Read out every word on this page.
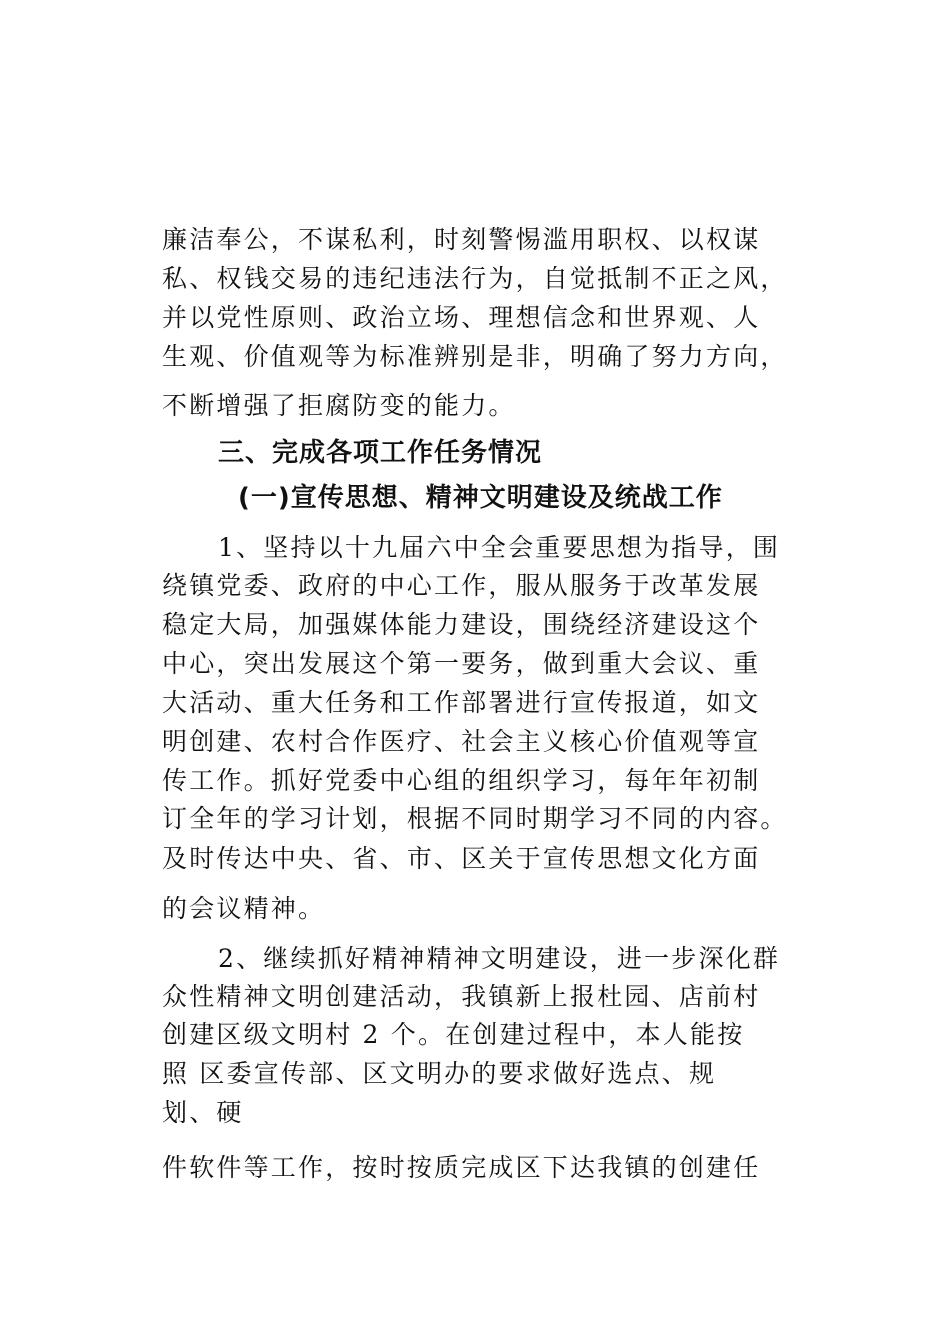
廉洁奉公，不谋私利，时刻警惕滥用职权、以权谋
私、权钱交易的违纪违法行为，自觉抵制不正之风，
并以党性原则、政治立场、理想信念和世界观、人
生观、价值观等为标准辨别是非，明确了努力方向，
不断增强了拒腐防变的能力。
三、完成各项工作任务情况
(一)宣传思想、精神文明建设及统战工作
1、坚持以十九届六中全会重要思想为指导，围
绕镇党委、政府的中心工作，服从服务于改革发展
稳定大局，加强媒体能力建设，围绕经济建设这个
中心，突出发展这个第一要务，做到重大会议、重
大活动、重大任务和工作部署进行宣传报道，如文
明创建、农村合作医疗、社会主义核心价值观等宣
传工作。抓好党委中心组的组织学习，每年年初制
订全年的学习计划，根据不同时期学习不同的内容。
及时传达中央、省、市、区关于宣传思想文化方面
的会议精神。
2、继续抓好精神精神文明建设，进一步深化群
众性精神文明创建活动，我镇新上报杜园、店前村
创建区级文明村 2 个。在创建过程中，本人能按
照 区委宣传部、区文明办的要求做好选点、规
划、硬
件软件等工作，按时按质完成区下达我镇的创建任
